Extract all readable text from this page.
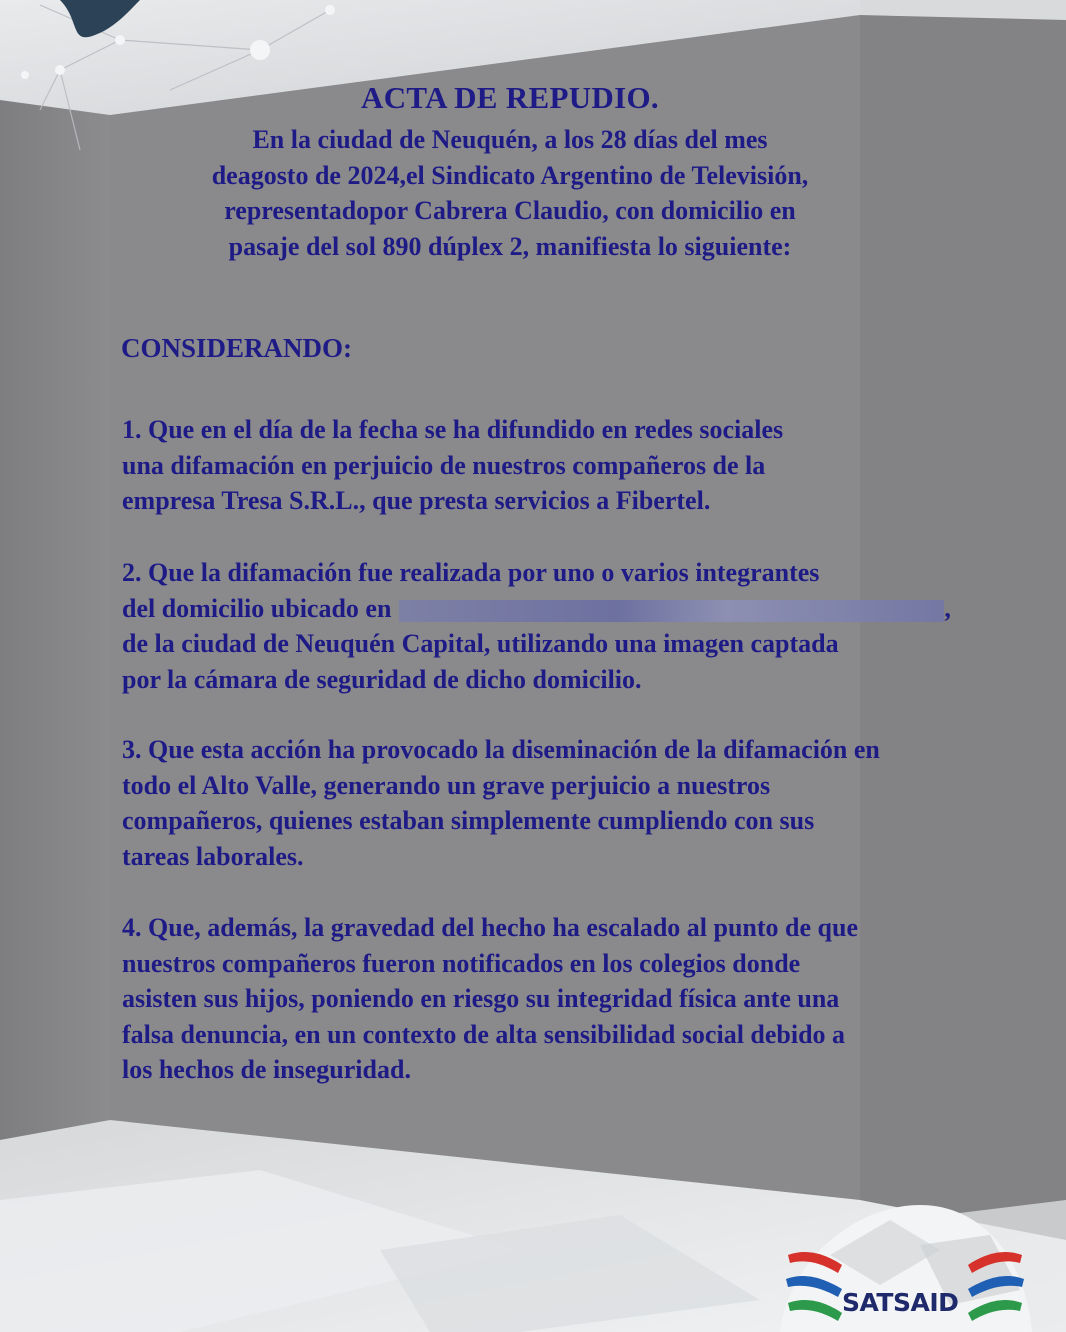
ACTA DE REPUDIO.
En la ciudad de Neuquén, a los 28 días del mes
deagosto de 2024,el Sindicato Argentino de Televisión,
representadopor Cabrera Claudio, con domicilio en
pasaje del sol 890 dúplex 2, manifiesta lo siguiente:
CONSIDERANDO:
1. Que en el día de la fecha se ha difundido en redes sociales
una difamación en perjuicio de nuestros compañeros de la
empresa Tresa S.R.L., que presta servicios a Fibertel.
2. Que la difamación fue realizada por uno o varios integrantes
del domicilio ubicado en	,
de la ciudad de Neuquén Capital, utilizando una imagen captada
por la cámara de seguridad de dicho domicilio.
3. Que esta acción ha provocado la diseminación de la difamación en
todo el Alto Valle, generando un grave perjuicio a nuestros
compañeros, quienes estaban simplemente cumpliendo con sus
tareas laborales.
4. Que, además, la gravedad del hecho ha escalado al punto de que
nuestros compañeros fueron notificados en los colegios donde
asisten sus hijos, poniendo en riesgo su integridad física ante una
falsa denuncia, en un contexto de alta sensibilidad social debido a
los hechos de inseguridad.
SATSAID
